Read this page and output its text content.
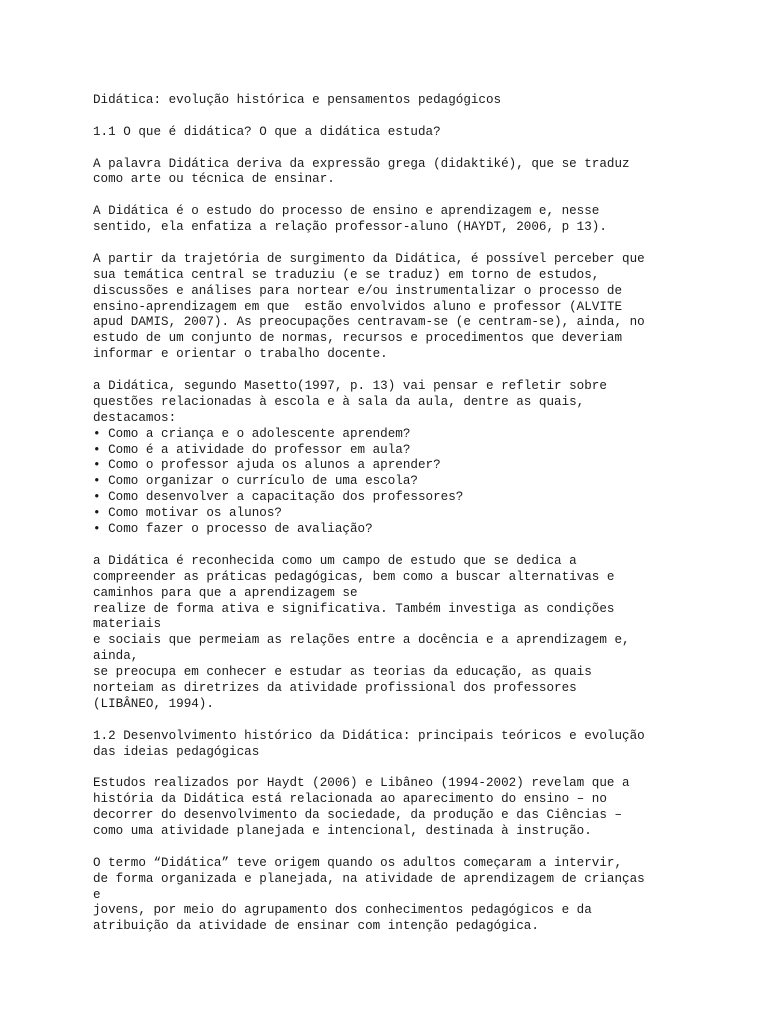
Didática: evolução histórica e pensamentos pedagógicos
1.1 O que é didática? O que a didática estuda?
A palavra Didática deriva da expressão grega (didaktiké), que se traduz
como arte ou técnica de ensinar.
A Didática é o estudo do processo de ensino e aprendizagem e, nesse
sentido, ela enfatiza a relação professor-aluno (HAYDT, 2006, p 13).
A partir da trajetória de surgimento da Didática, é possível perceber que
sua temática central se traduziu (e se traduz) em torno de estudos,
discussões e análises para nortear e/ou instrumentalizar o processo de
ensino-aprendizagem em que  estão envolvidos aluno e professor (ALVITE
apud DAMIS, 2007). As preocupações centravam-se (e centram-se), ainda, no
estudo de um conjunto de normas, recursos e procedimentos que deveriam
informar e orientar o trabalho docente.
a Didática, segundo Masetto(1997, p. 13) vai pensar e refletir sobre
questões relacionadas à escola e à sala da aula, dentre as quais,
destacamos:
• Como a criança e o adolescente aprendem?
• Como é a atividade do professor em aula?
• Como o professor ajuda os alunos a aprender?
• Como organizar o currículo de uma escola?
• Como desenvolver a capacitação dos professores?
• Como motivar os alunos?
• Como fazer o processo de avaliação?
a Didática é reconhecida como um campo de estudo que se dedica a
compreender as práticas pedagógicas, bem como a buscar alternativas e
caminhos para que a aprendizagem se
realize de forma ativa e significativa. Também investiga as condições
materiais
e sociais que permeiam as relações entre a docência e a aprendizagem e,
ainda,
se preocupa em conhecer e estudar as teorias da educação, as quais
norteiam as diretrizes da atividade profissional dos professores
(LIBÂNEO, 1994).
1.2 Desenvolvimento histórico da Didática: principais teóricos e evolução
das ideias pedagógicas
Estudos realizados por Haydt (2006) e Libâneo (1994-2002) revelam que a
história da Didática está relacionada ao aparecimento do ensino – no
decorrer do desenvolvimento da sociedade, da produção e das Ciências –
como uma atividade planejada e intencional, destinada à instrução.
O termo “Didática” teve origem quando os adultos começaram a intervir,
de forma organizada e planejada, na atividade de aprendizagem de crianças
e
jovens, por meio do agrupamento dos conhecimentos pedagógicos e da
atribuição da atividade de ensinar com intenção pedagógica.
